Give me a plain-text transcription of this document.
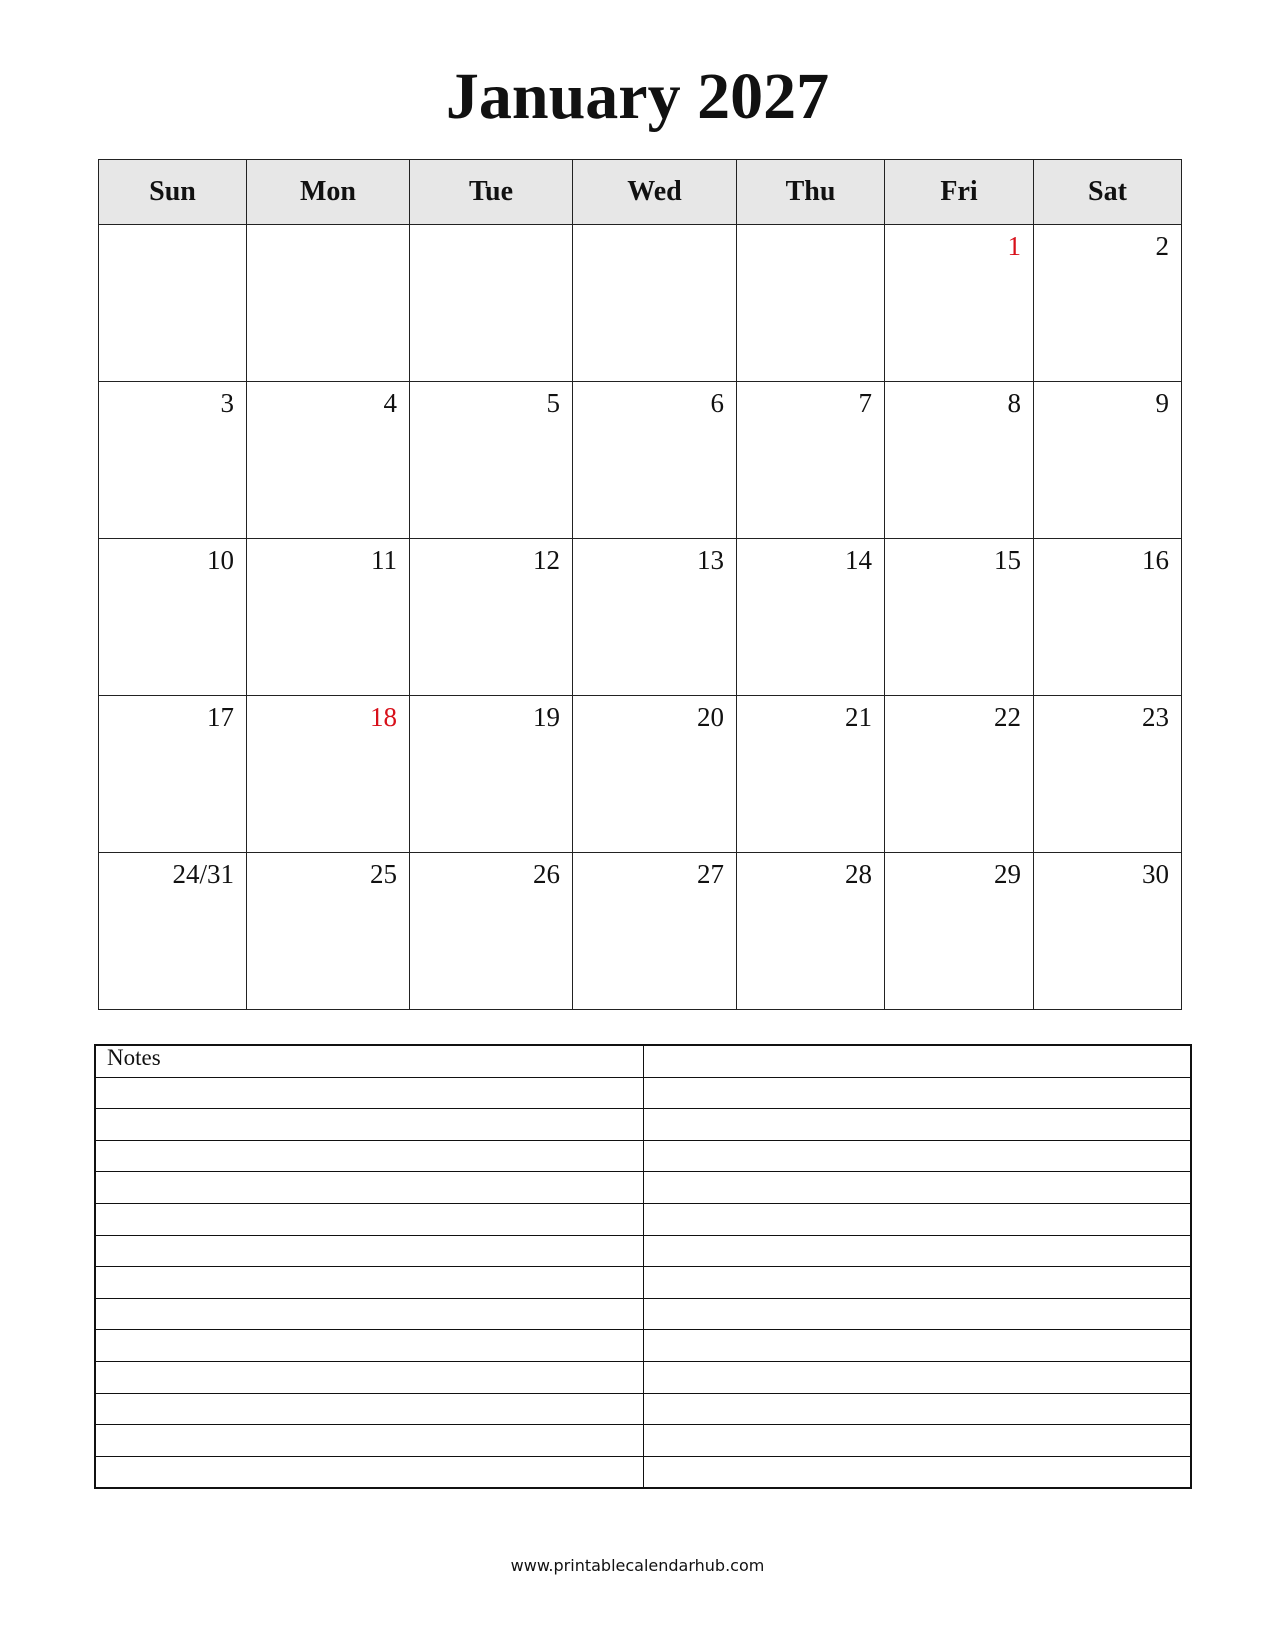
January 2027
Sun	Mon	Tue	Wed	Thu	Fri	Sat

					1	2

3	4	5	6	7	8	9

10	11	12	13	14	15	16

17	18	19	20	21	22	23

24/31	25	26	27	28	29	30
Notes	

www.printablecalendarhub.com
